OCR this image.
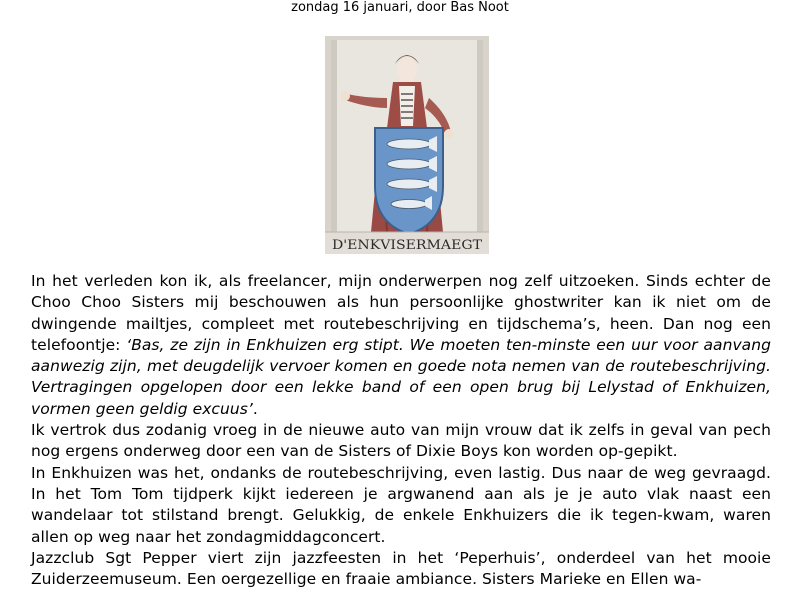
zondag 16 januari, door Bas Noot
D'ENKVISERMAEGT

In het verleden kon ik, als freelancer, mijn onderwerpen nog zelf uitzoeken. Sinds echter de Choo Choo Sisters mij beschouwen als hun persoonlijke ghostwriter kan ik niet om de dwingende mailtjes, compleet met routebeschrijving en tijdschema’s, heen. Dan nog een telefoontje: ‘Bas, ze zijn in Enkhuizen erg stipt. We moeten ten-minste een uur voor aanvang aanwezig zijn, met deugdelijk vervoer komen en goede nota nemen van de routebeschrijving. Vertragingen opgelopen door een lekke band of een open brug bij Lelystad of Enkhuizen, vormen geen geldig excuus’.

Ik vertrok dus zodanig vroeg in de nieuwe auto van mijn vrouw dat ik zelfs in geval van pech nog ergens onderweg door een van de Sisters of Dixie Boys kon worden op-gepikt.

In Enkhuizen was het, ondanks de routebeschrijving, even lastig. Dus naar de weg gevraagd. In het Tom Tom tijdperk kijkt iedereen je argwanend aan als je je auto vlak naast een wandelaar tot stilstand brengt. Gelukkig, de enkele Enkhuizers die ik tegen-kwam, waren allen op weg naar het zondagmiddagconcert.

Jazzclub Sgt Pepper viert zijn jazzfeesten in het ‘Peperhuis’, onderdeel van het mooie Zuiderzeemuseum. Een oergezellige en fraaie ambiance. Sisters Marieke en Ellen wa-
